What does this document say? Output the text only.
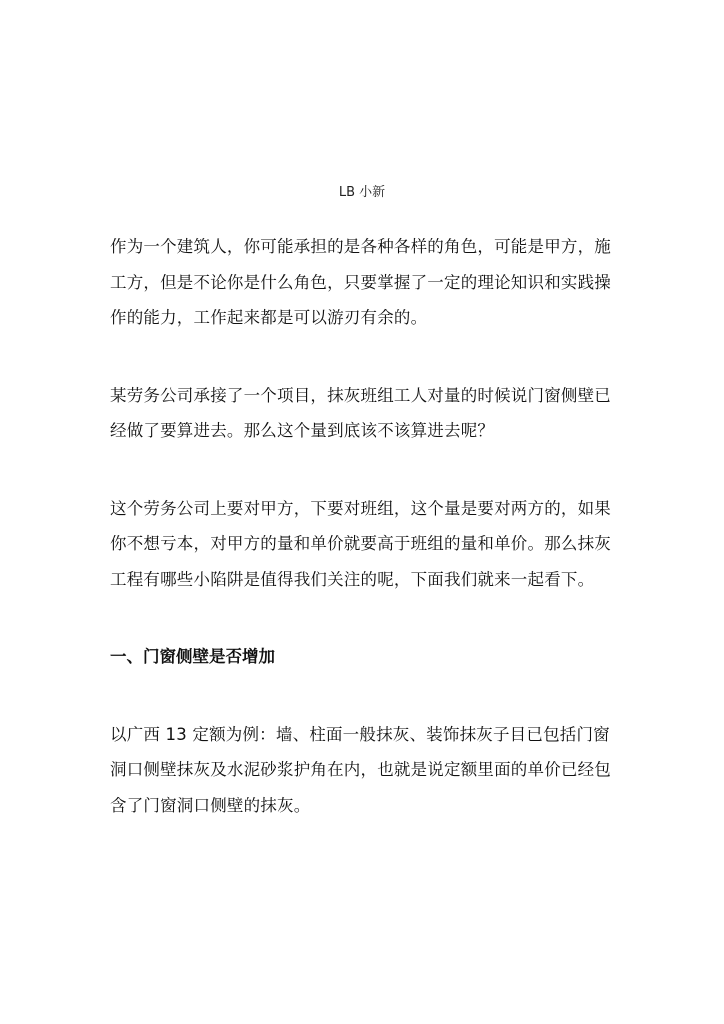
LB 小新

作为一个建筑人，你可能承担的是各种各样的角色，可能是甲方，施
工方，但是不论你是什么角色，只要掌握了一定的理论知识和实践操
作的能力，工作起来都是可以游刃有余的。

某劳务公司承接了一个项目，抹灰班组工人对量的时候说门窗侧壁已
经做了要算进去。那么这个量到底该不该算进去呢？

这个劳务公司上要对甲方，下要对班组，这个量是要对两方的，如果
你不想亏本，对甲方的量和单价就要高于班组的量和单价。那么抹灰
工程有哪些小陷阱是值得我们关注的呢，下面我们就来一起看下。

一、门窗侧壁是否增加

以广西 13 定额为例：墙、柱面一般抹灰、装饰抹灰子目已包括门窗
洞口侧壁抹灰及水泥砂浆护角在内，也就是说定额里面的单价已经包
含了门窗洞口侧壁的抹灰。
